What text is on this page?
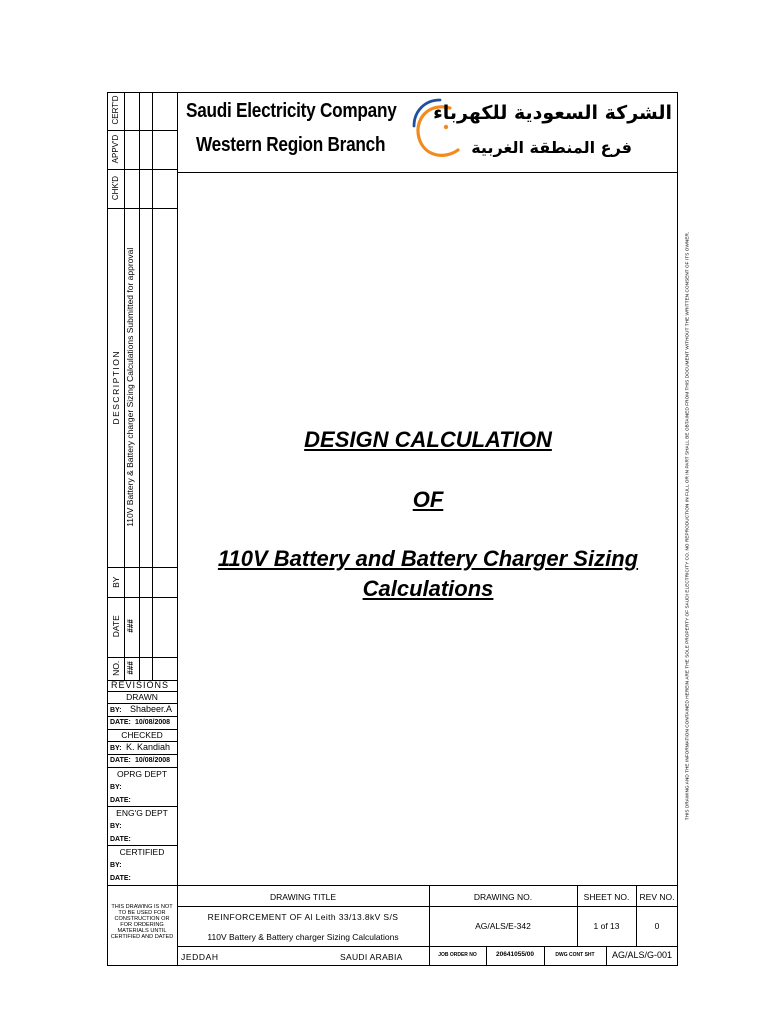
Saudi Electricity Company
Western Region Branch
الشركة السعودية للكهرباء
فرع المنطقة الغربية
CERT'D
APPV'D
CHK'D
DESCRIPTION 110V Battery & Battery charger Sizing Calculations Submitted for approval
BY
DATE ###
NO. ###
REVISIONS
DRAWN
BY: Shabeer.A
DATE: 10/08/2008
CHECKED
BY: K. Kandiah
DATE: 10/08/2008
OPRG DEPT
BY:
DATE:
ENG'G DEPT
BY:
DATE:
CERTIFIED
BY:
DATE:
DESIGN CALCULATION
OF
110V Battery and Battery Charger Sizing
Calculations
THIS DRAWING IS NOT
TO BE USED FOR
CONSTRUCTION OR
FOR ORDERING
MATERIALS UNTIL
CERTIFIED AND DATED
DRAWING TITLE
REINFORCEMENT OF Al Leith 33/13.8kV S/S
110V Battery & Battery charger Sizing Calculations
DRAWING NO.
AG/ALS/E-342
SHEET NO.
1 of 13
REV NO.
0
JEDDAH	SAUDI ARABIA	JOB ORDER NO	20641055/00	DWG CONT SHT	AG/ALS/G-001
THIS DRAWING AND THE INFORMATION CONTAINED HEREIN ARE THE SOLE PROPERTY OF SAUDI ELECTRICITY CO. NO REPRODUCTION IN FULL OR IN PART SHALL BE OBTAINED FROM THIS DOCUMENT WITHOUT THE WRITTEN CONSENT OF ITS OWNER.
